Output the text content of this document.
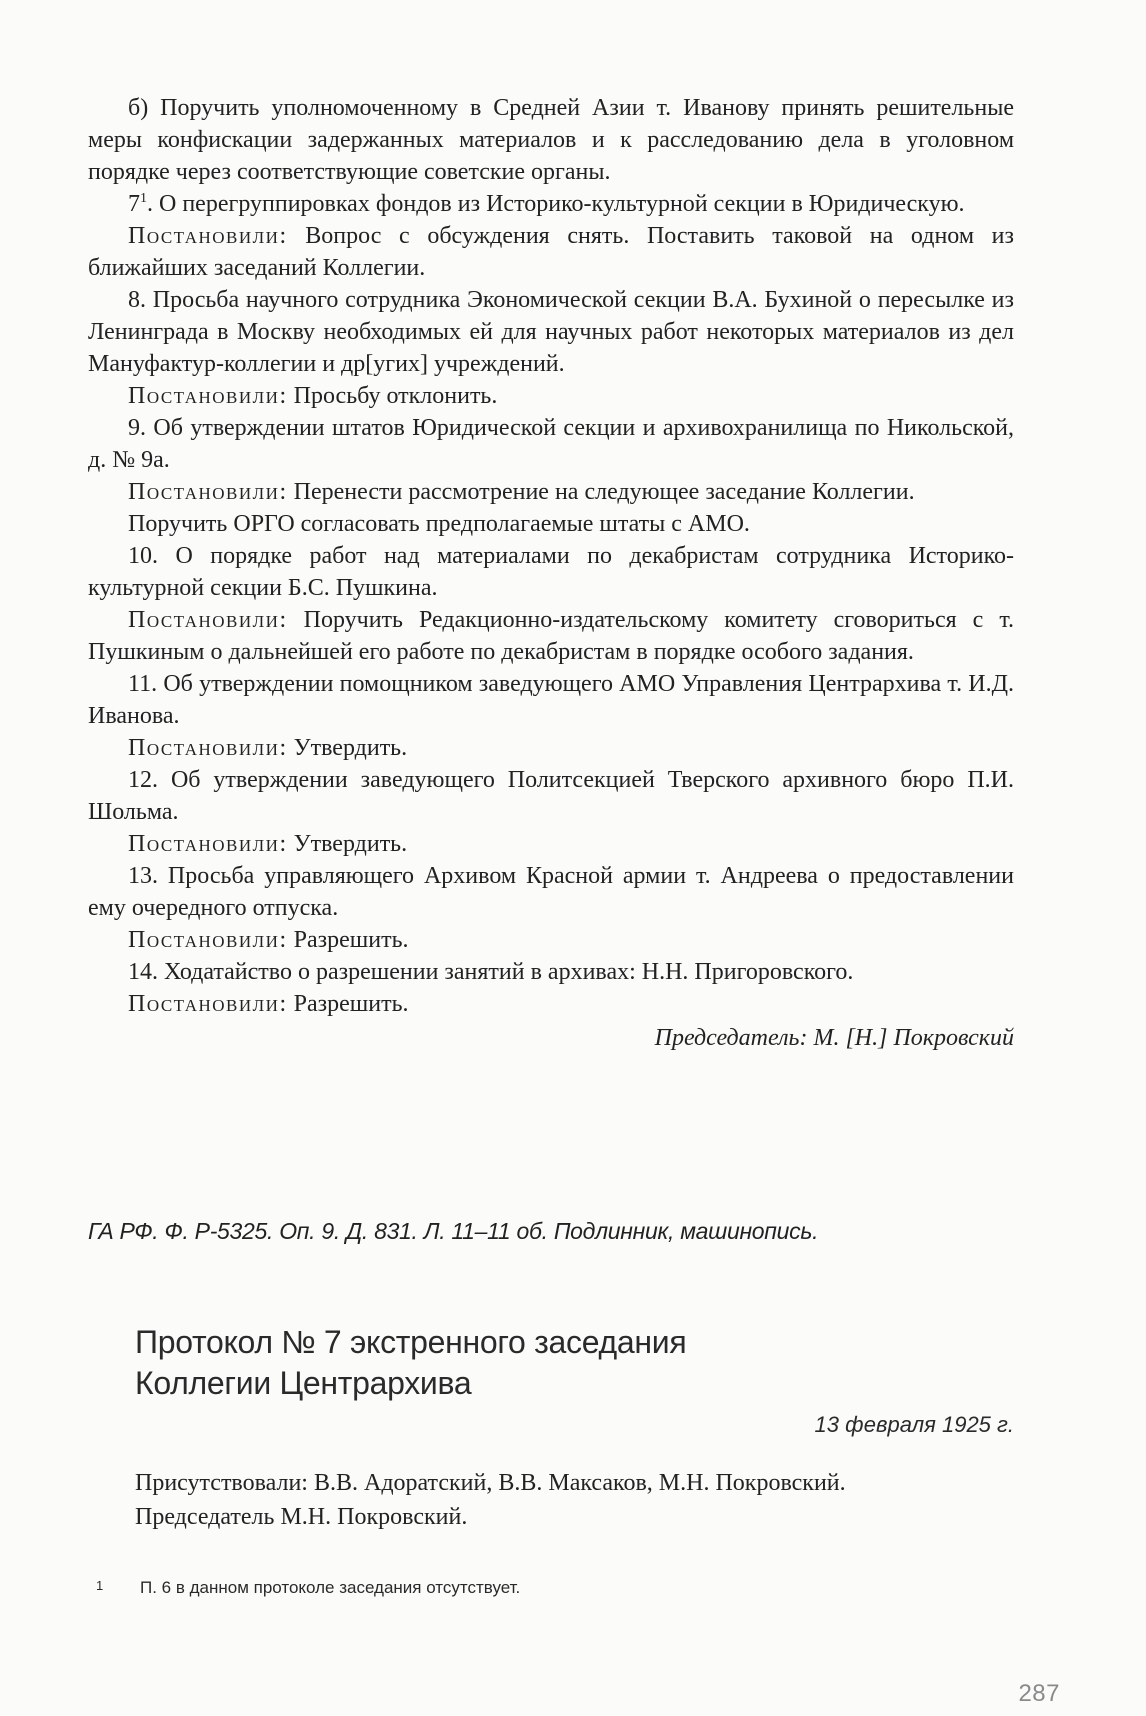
б) Поручить уполномоченному в Средней Азии т. Иванову принять решительные меры конфискации задержанных материалов и к расследованию дела в уголовном порядке через соответствующие советские органы.

$7^1$. О перегруппировках фондов из Историко-культурной секции в Юридическую.

Постановили: Вопрос с обсуждения снять. Поставить таковой на одном из ближайших заседаний Коллегии.

8. Просьба научного сотрудника Экономической секции В.А. Бухиной о пересылке из Ленинграда в Москву необходимых ей для научных работ некоторых материалов из дел Мануфактур-коллегии и др[угих] учреждений.

Постановили: Просьбу отклонить.

9. Об утверждении штатов Юридической секции и архивохранилища по Никольской, д. № 9а.

Постановили: Перенести рассмотрение на следующее заседание Коллегии.

Поручить ОРГО согласовать предполагаемые штаты с АМО.

10. О порядке работ над материалами по декабристам сотрудника Историко-культурной секции Б.С. Пушкина.

Постановили: Поручить Редакционно-издательскому комитету сговориться с т. Пушкиным о дальнейшей его работе по декабристам в порядке особого задания.

11. Об утверждении помощником заведующего АМО Управления Центрархива т. И.Д. Иванова.

Постановили: Утвердить.

12. Об утверждении заведующего Политсекцией Тверского архивного бюро П.И. Шольма.

Постановили: Утвердить.

13. Просьба управляющего Архивом Красной армии т. Андреева о предоставлении ему очередного отпуска.

Постановили: Разрешить.

14. Ходатайство о разрешении занятий в архивах: Н.Н. Пригоровского.

Постановили: Разрешить.

Председатель: М. [Н.] Покровский

ГА РФ. Ф. Р-5325. Оп. 9. Д. 831. Л. 11–11 об. Подлинник, машинопись.
Протокол № 7 экстренного заседания
Коллегии Центрархива
13 февраля 1925 г.

Присутствовали: В.В. Адоратский, В.В. Максаков, М.Н. Покровский.

Председатель М.Н. Покровский.

1 П. 6 в данном протоколе заседания отсутствует.
287
